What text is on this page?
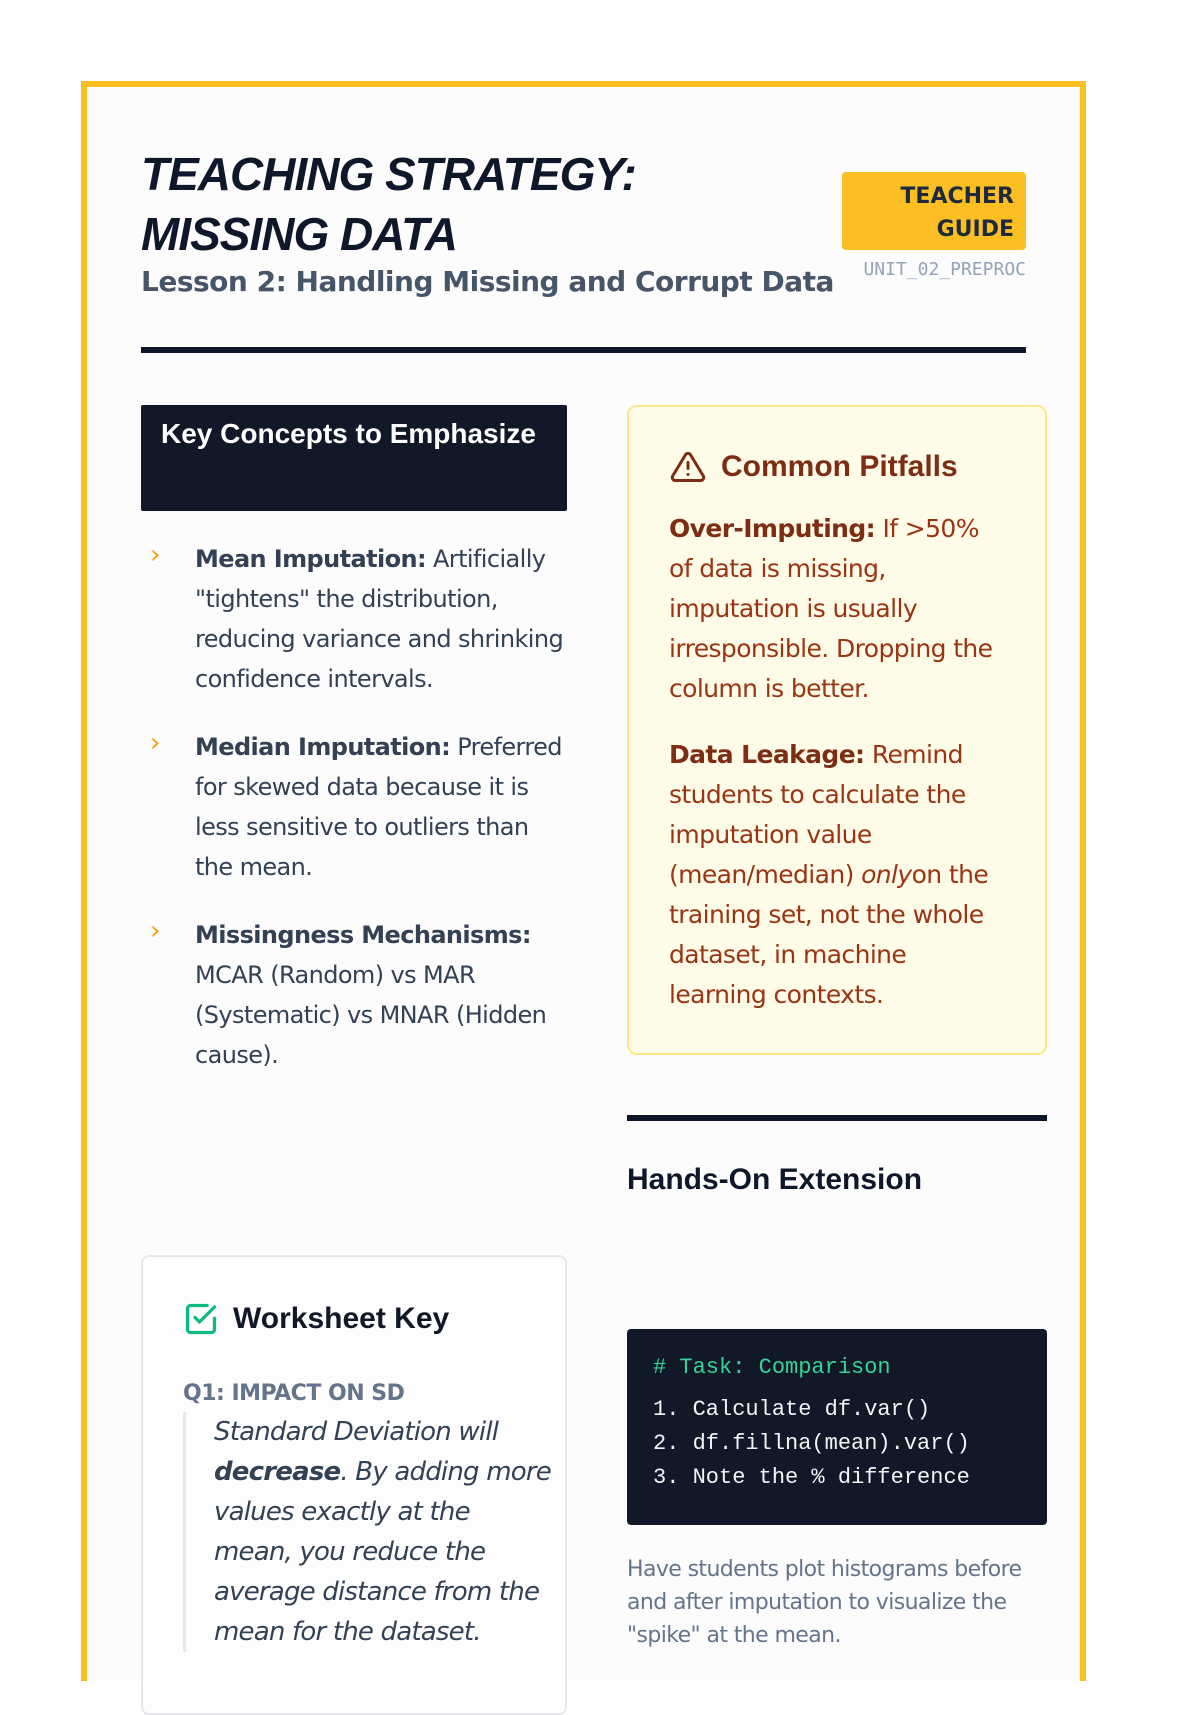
TEACHING STRATEGY:
MISSING DATA
Lesson 2: Handling Missing and Corrupt Data
TEACHER
GUIDE
UNIT_02_PREPROC
Key Concepts to Emphasize
› Mean Imputation: Artificially "tightens" the distribution, reducing variance and shrinking confidence intervals.
› Median Imputation: Preferred for skewed data because it is less sensitive to outliers than the mean.
› Missingness Mechanisms: MCAR (Random) vs MAR (Systematic) vs MNAR (Hidden cause).
Worksheet Key
Q1: IMPACT ON SD
Standard Deviation will decrease. By adding more values exactly at the mean, you reduce the average distance from the mean for the dataset.
Common Pitfalls
Over-Imputing: If >50% of data is missing, imputation is usually irresponsible. Dropping the column is better.
Data Leakage: Remind students to calculate the imputation value (mean/median) onlyon the training set, not the whole dataset, in machine learning contexts.
Hands-On Extension
# Task: Comparison
1. Calculate df.var()
2. df.fillna(mean).var()
3. Note the % difference
Have students plot histograms before and after imputation to visualize the "spike" at the mean.
